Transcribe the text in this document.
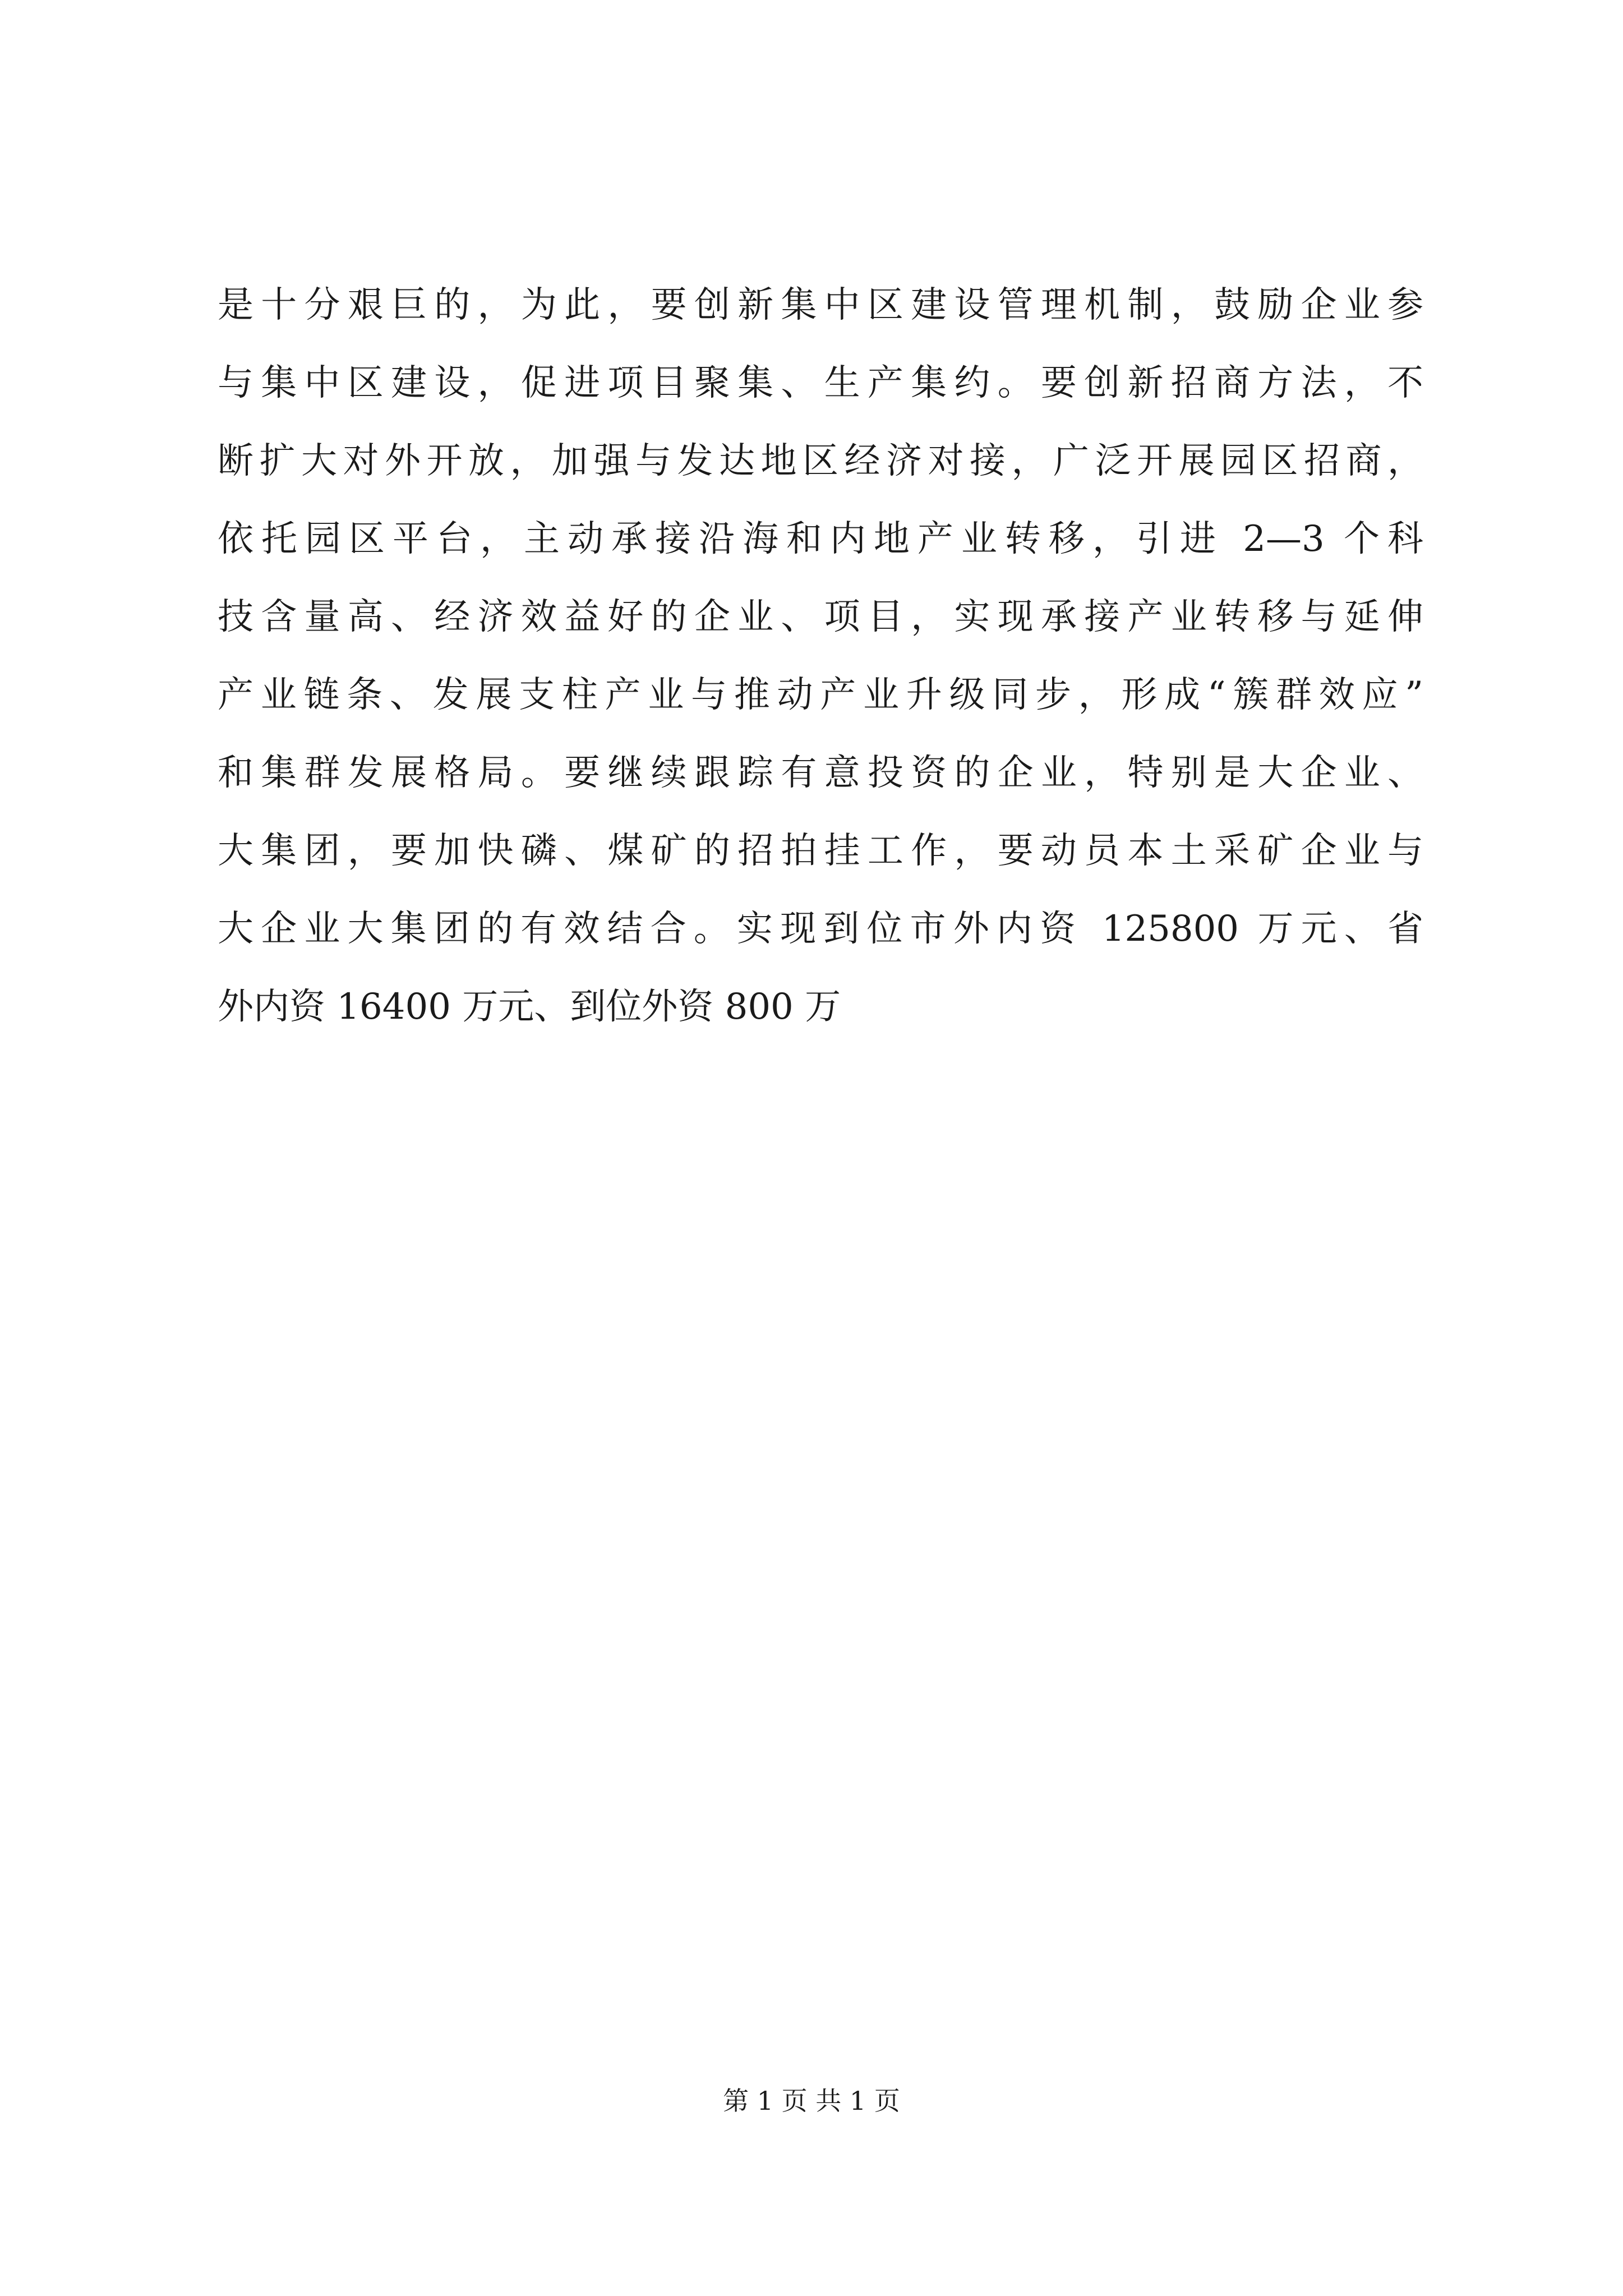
是十分艰巨的，为此，要创新集中区建设管理机制，鼓励企业参
与集中区建设，促进项目聚集、生产集约。要创新招商方法，不
断扩大对外开放，加强与发达地区经济对接，广泛开展园区招商，
依托园区平台，主动承接沿海和内地产业转移，引进 2—3 个科
技含量高、经济效益好的企业、项目，实现承接产业转移与延伸
产业链条、发展支柱产业与推动产业升级同步，形成“簇群效应”
和集群发展格局。要继续跟踪有意投资的企业，特别是大企业、
大集团，要加快磷、煤矿的招拍挂工作，要动员本土采矿企业与
大企业大集团的有效结合。实现到位市外内资 125800 万元、省
外内资 16400 万元、到位外资 800 万
第 1 页 共 1 页
